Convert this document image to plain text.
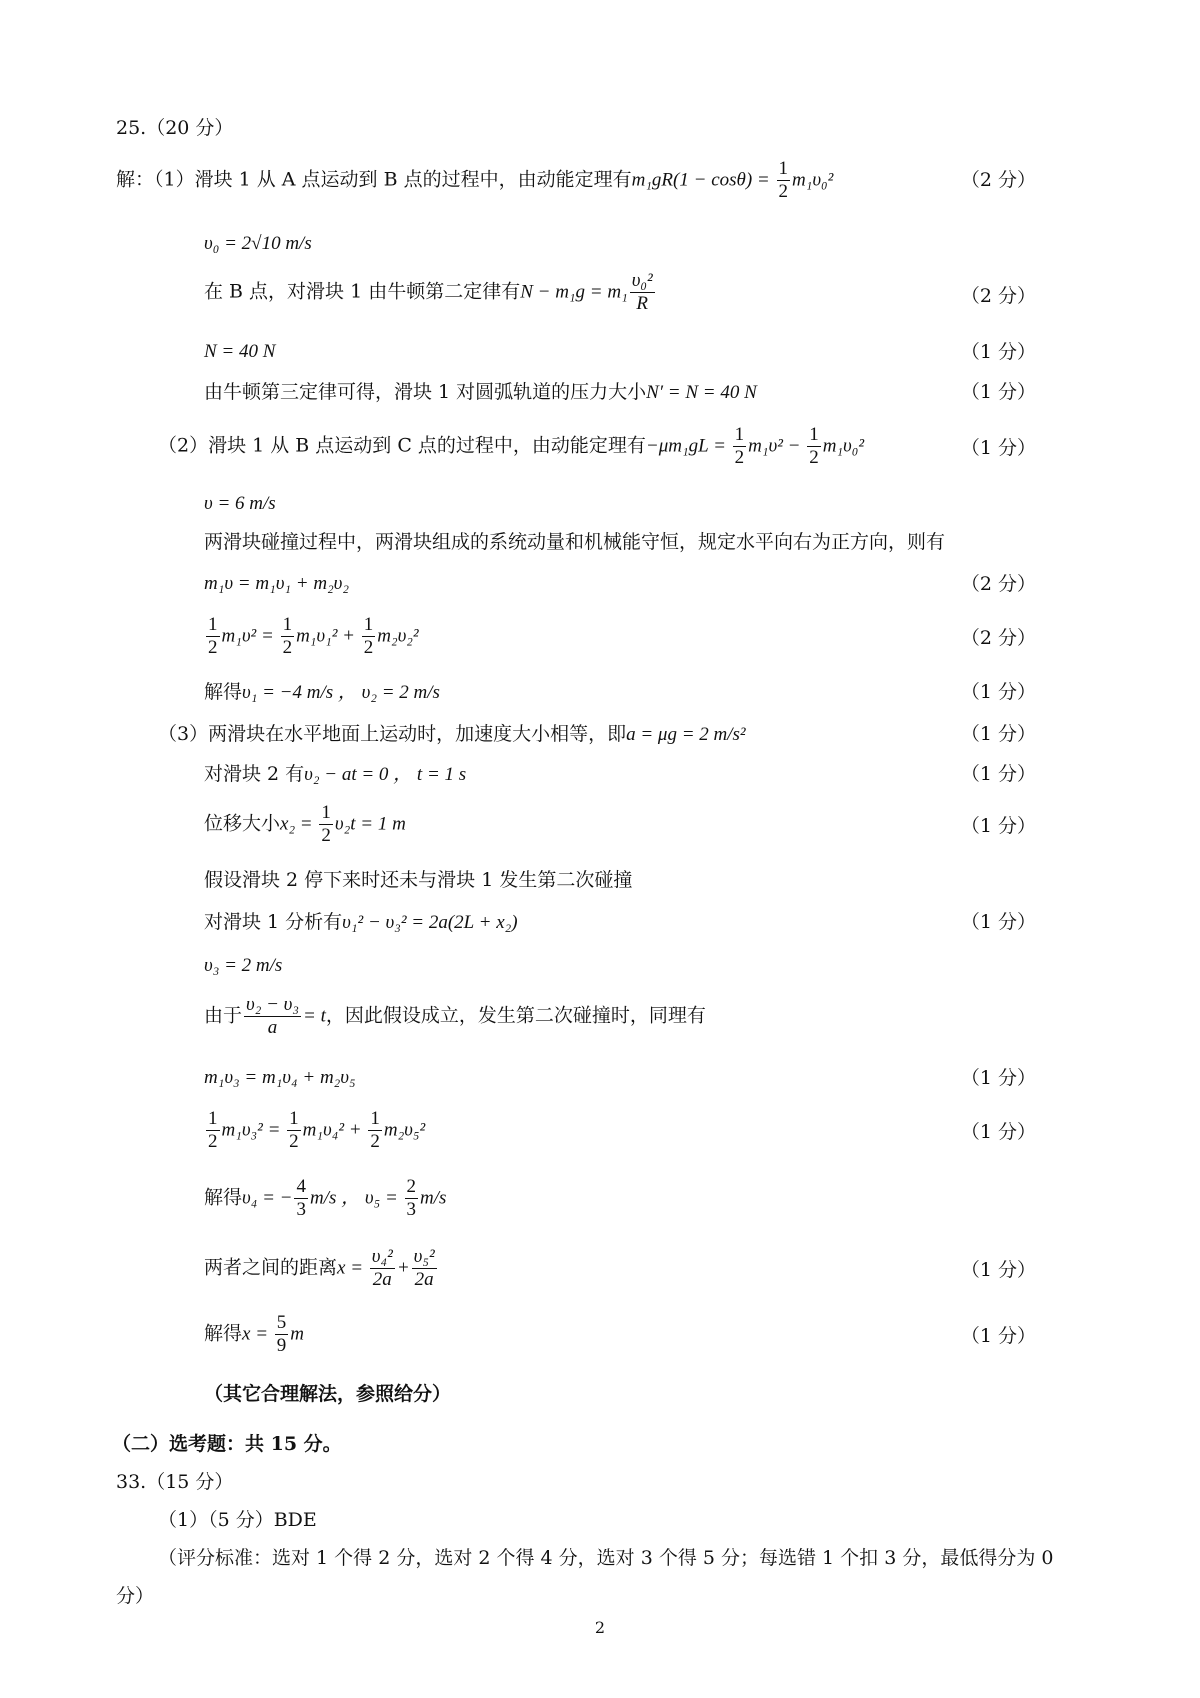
25.（20 分）
解：（1）滑块 1 从 A 点运动到 B 点的过程中，由动能定理有$m_1gR(1 - \cos\theta) = \frac{1}{2} m_1\upsilon_0^2$	（2 分）
υ₀ = 2√10 m/s
在 B 点，对滑块 1 由牛顿第二定律有$N - m_1g = m_1 \frac{\text{υ₀²}}{R}$	（2 分）
N = 40 N	（1 分）
由牛顿第三定律可得，滑块 1 对圆弧轨道的压力大小N′ = N = 40 N	（1 分）
（2）滑块 1 从 B 点运动到 C 点的过程中，由动能定理有$-\mu m_1gL = \frac{1}{2} m_1\upsilon^2 - \frac{1}{2} m_1\upsilon_0^2$	（1 分）
υ = 6 m/s
两滑块碰撞过程中，两滑块组成的系统动量和机械能守恒，规定水平向右为正方向，则有
m₁υ = m₁υ₁ + m₂υ₂	（2 分）
$\frac{1}{2} m_1\upsilon^2 = \frac{1}{2} m_1\upsilon_1^2 + \frac{1}{2} m_2\upsilon_2^2$	（2 分）
解得υ₁ = −4 m/s ， υ₂ = 2 m/s	（1 分）
（3）两滑块在水平地面上运动时，加速度大小相等，即a = μg = 2 m/s²	（1 分）
对滑块 2 有υ₂ − at = 0 ， t = 1 s	（1 分）
位移大小$x_2 = \frac{1}{2} \upsilon_2t = 1$ m	（1 分）
假设滑块 2 停下来时还未与滑块 1 发生第二次碰撞
对滑块 1 分析有υ₁² − υ₃² = 2a(2L + x₂)	（1 分）
υ₃ = 2 m/s
由于 $\frac{\text{υ₂ − υ₃}}{a} = t$，因此假设成立，发生第二次碰撞时，同理有
m₁υ₃ = m₁υ₄ + m₂υ₅	（1 分）
$\frac{1}{2} m_1\upsilon_3^2 = \frac{1}{2} m_1\upsilon_4^2 + \frac{1}{2} m_2\upsilon_5^2$	（1 分）
解得υ₄ = − $\frac{4}{3} m/s$ ， $\upsilon_5 = \frac{2}{3} m/s$
两者之间的距离$x = \frac{\text{υ₄²}}{2a} + \frac{\text{υ₅²}}{2a}$	（1 分）
解得$x = \frac{5}{9}$ m	（1 分）
（其它合理解法，参照给分）
（二）选考题：共 15 分。
33.（15 分）
（1）（5 分）BDE
（评分标准：选对 1 个得 2 分，选对 2 个得 4 分，选对 3 个得 5 分；每选错 1 个扣 3 分，最低得分为 0
分）
2
